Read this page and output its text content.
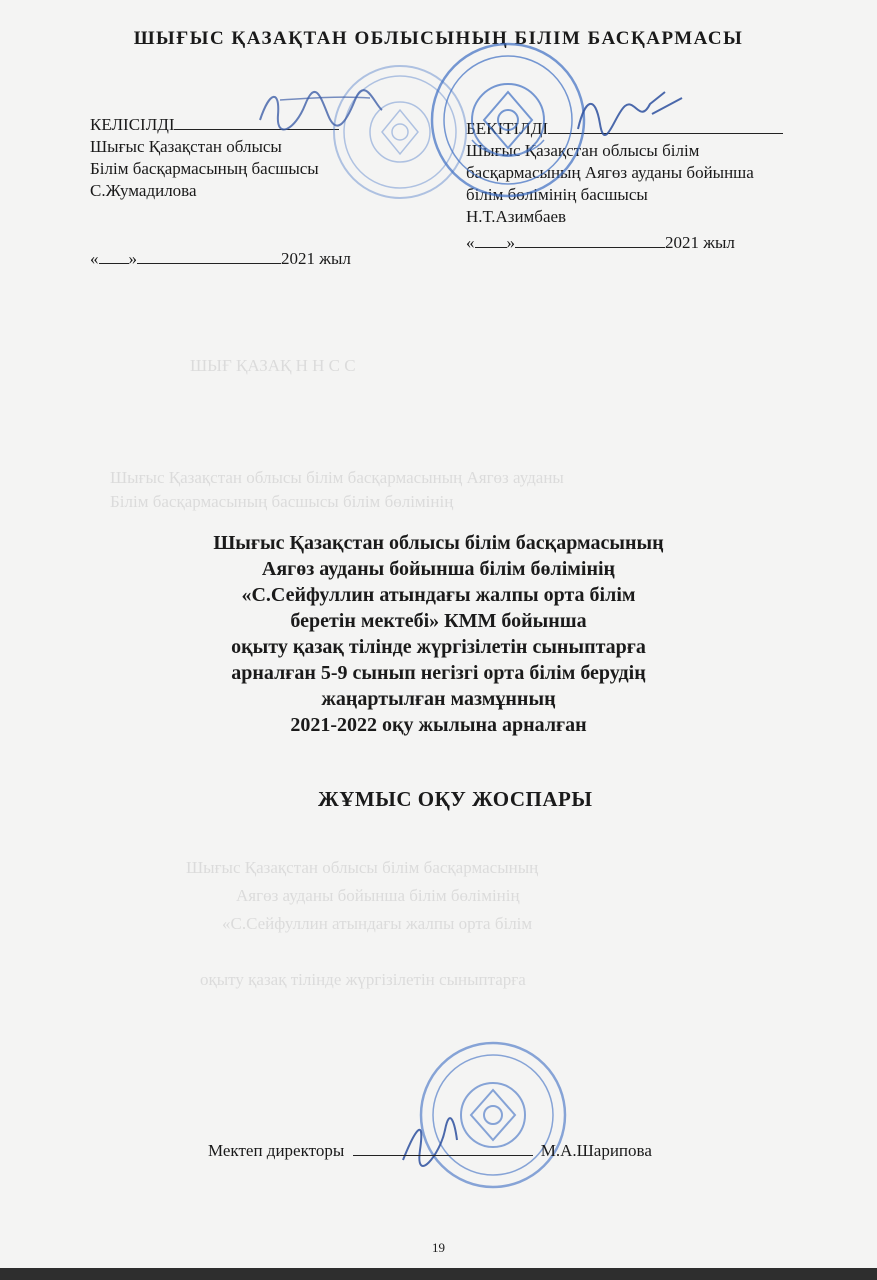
ШЫҒ ҚАЗАҚ Н Н С С
Шығыс Қазақстан облысы білім басқармасының Аягөз ауданы
Білім басқармасының басшысы білім бөлімінің
Шығыс Қазақстан облысы білім басқармасының
Аягөз ауданы бойынша білім бөлімінің
«С.Сейфуллин атындағы жалпы орта білім
оқыту қазақ тілінде жүргізілетін сыныптарға
ШЫҒЫС ҚАЗАҚТАН ОБЛЫСЫНЫҢ БІЛІМ БАСҚАРМАСЫ
КЕЛІСІЛДІ
Шығыс Қазақстан облысы
Білім басқармасының басшысы
С.Жумадилова
« »	2021 жыл
БЕКІТІЛДІ
Шығыс Қазақстан облысы білім
басқармасының Аягөз ауданы бойынша
білім бөлімінің басшысы
Н.Т.Азимбаев
« »	2021 жыл
Шығыс Қазақстан облысы білім басқармасының
Аягөз ауданы бойынша білім бөлімінің
«С.Сейфуллин атындағы жалпы орта білім
беретін мектебі» КММ бойынша
оқыту қазақ тілінде жүргізілетін сыныптарға
арналған 5-9 сынып негізгі орта білім берудің
жаңартылған мазмұнның
2021-2022 оқу жылына арналған
ЖҰМЫС ОҚУ ЖОСПАРЫ
Мектеп директоры	М.А.Шарипова
19
